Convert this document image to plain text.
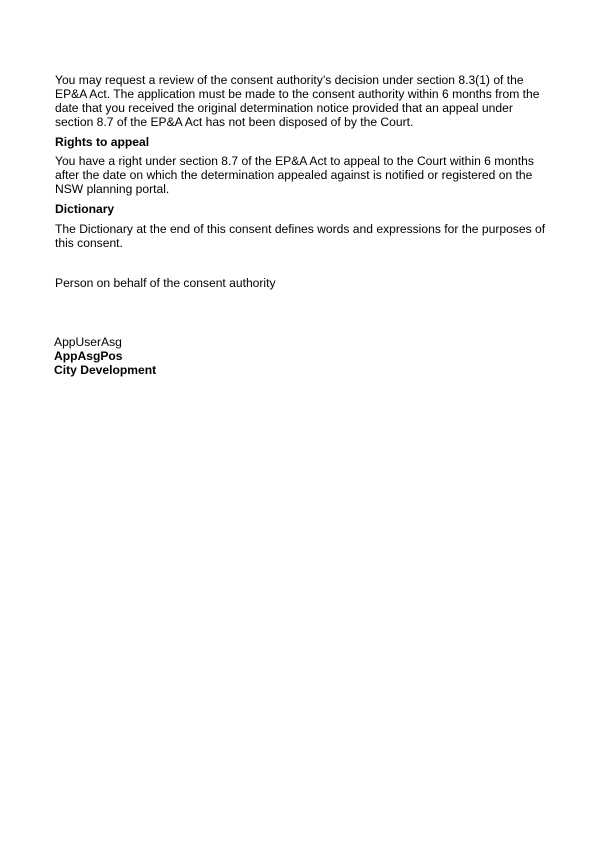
You may request a review of the consent authority’s decision under section 8.3(1) of the
EP&A Act. The application must be made to the consent authority within 6 months from the
date that you received the original determination notice provided that an appeal under
section 8.7 of the EP&A Act has not been disposed of by the Court.

Rights to appeal

You have a right under section 8.7 of the EP&A Act to appeal to the Court within 6 months
after the date on which the determination appealed against is notified or registered on the
NSW planning portal.

Dictionary

The Dictionary at the end of this consent defines words and expressions for the purposes of
this consent.

Person on behalf of the consent authority

AppUserAsg

AppAsgPos

City Development
